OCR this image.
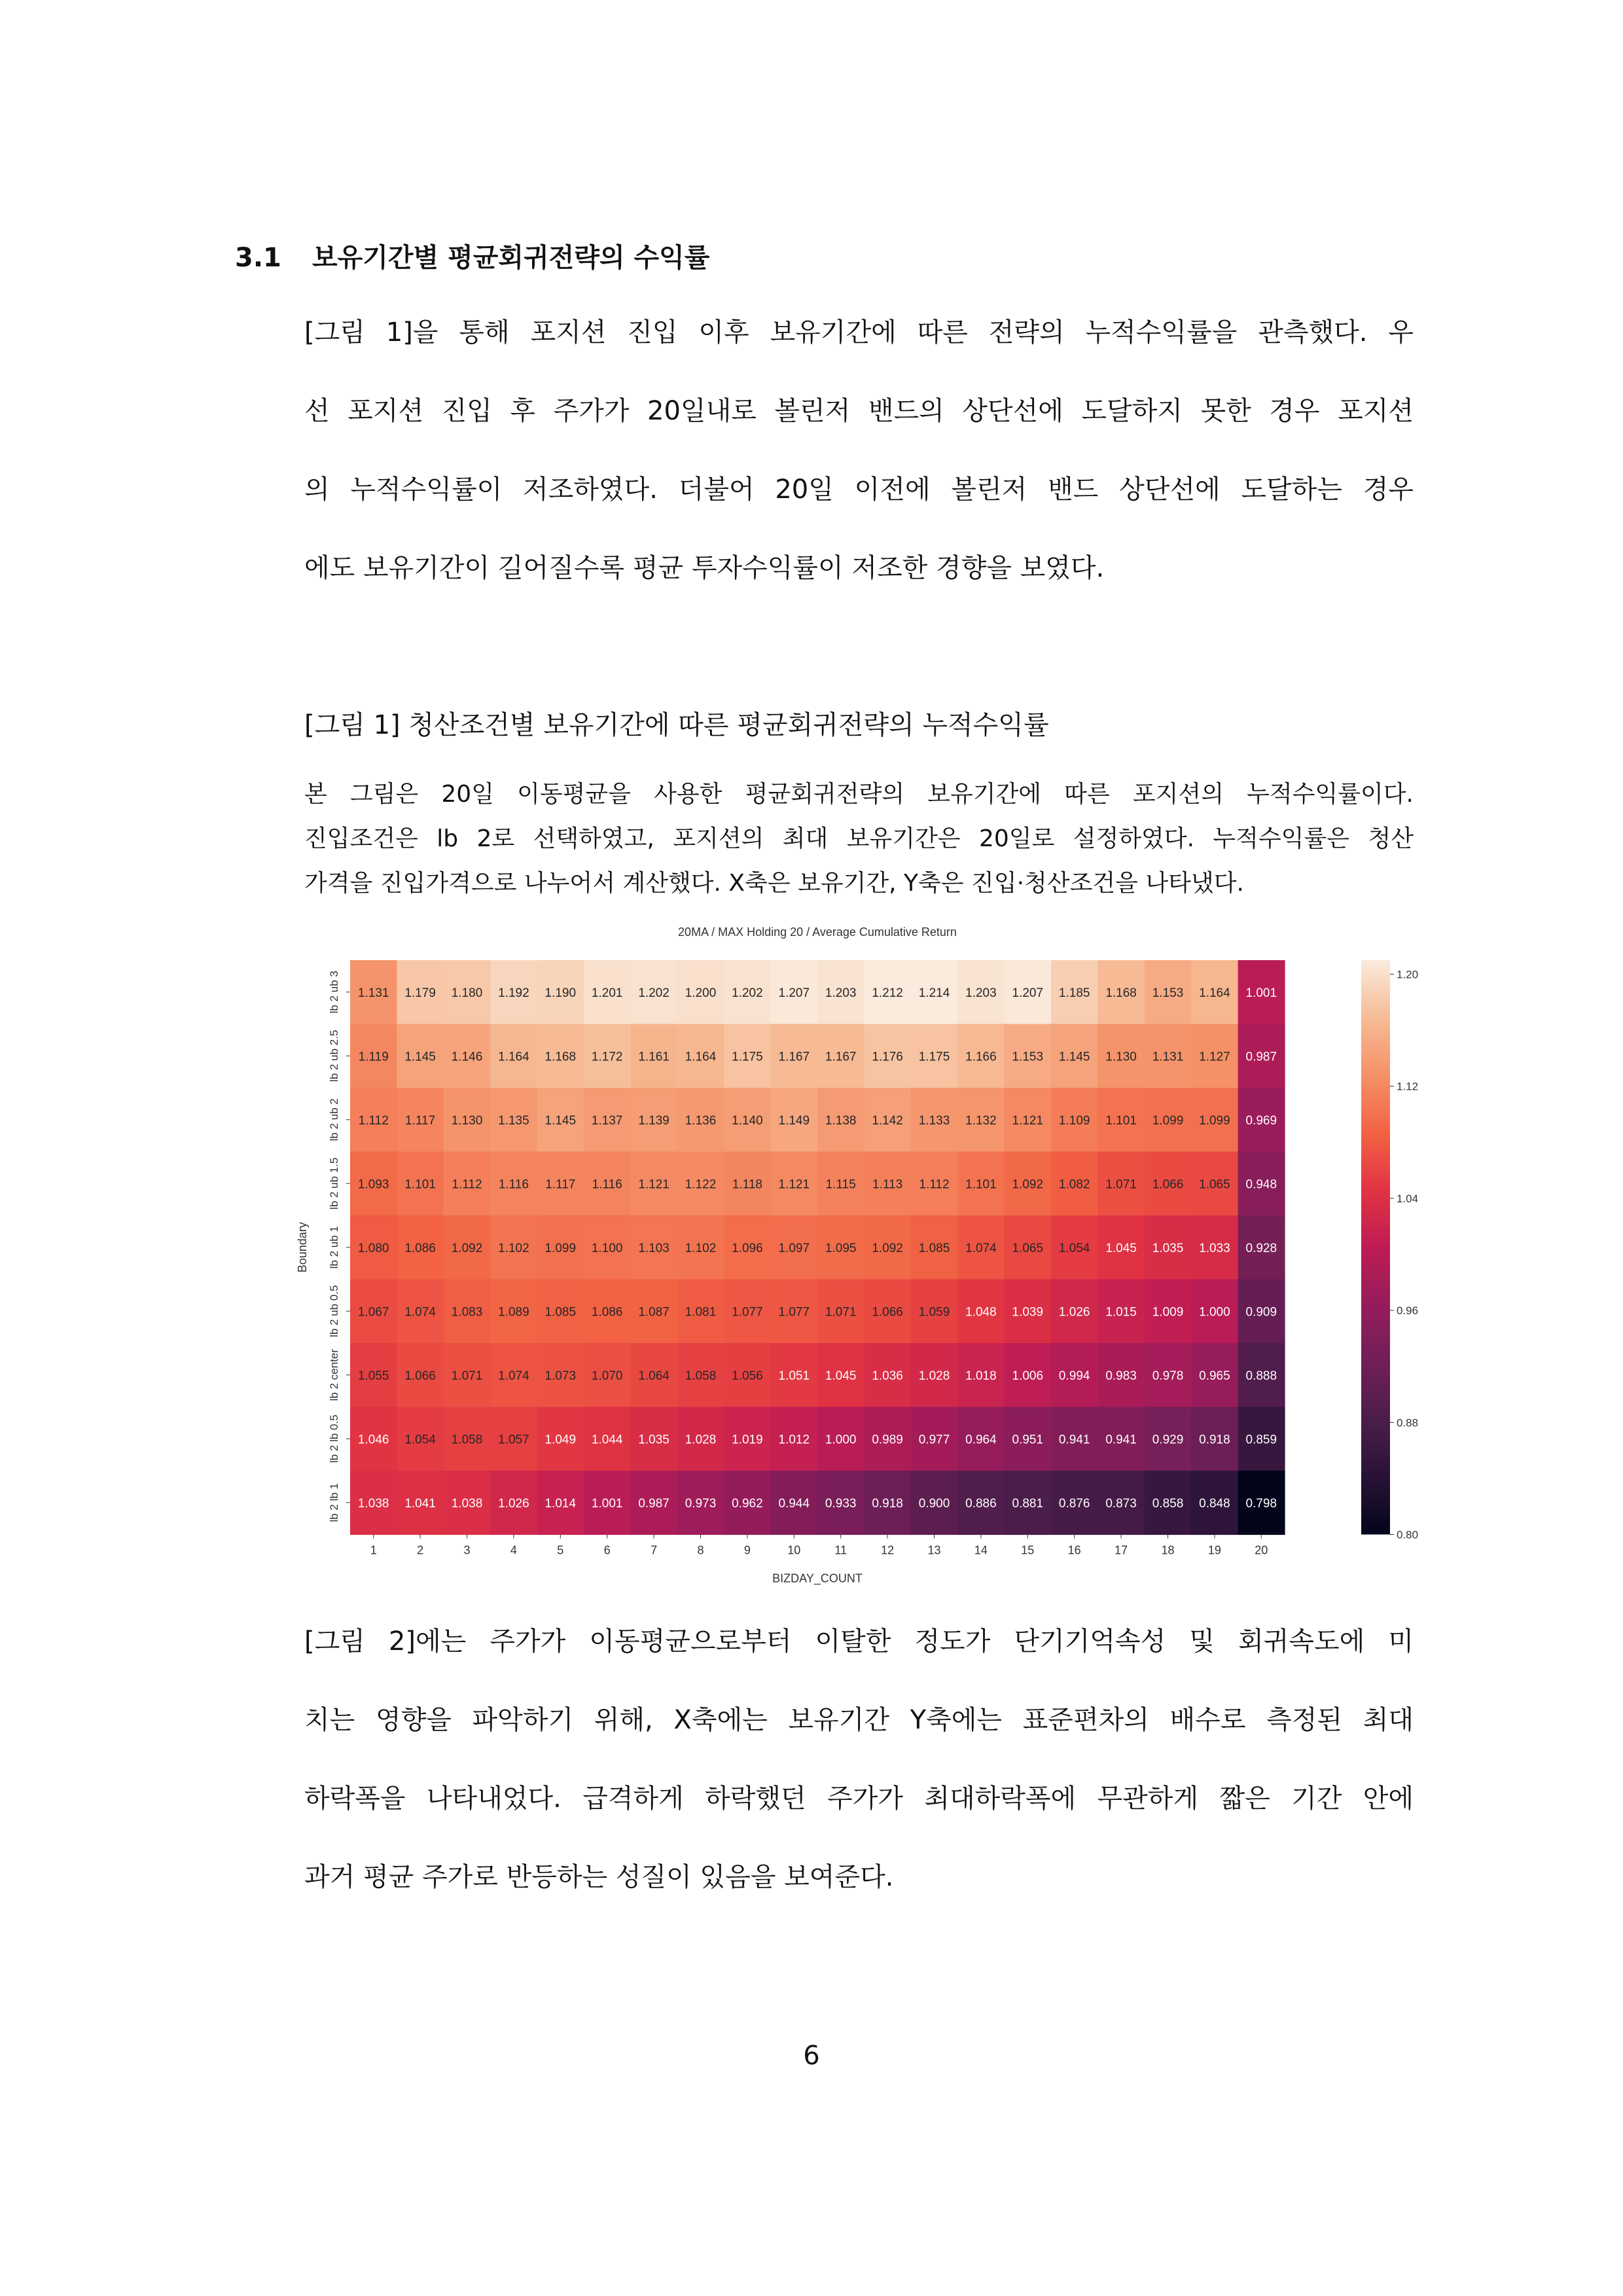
3.1 보유기간별 평균회귀전략의 수익률
[그림 1]을 통해 포지션 진입 이후 보유기간에 따른 전략의 누적수익률을 관측했다. 우
선 포지션 진입 후 주가가 20일내로 볼린저 밴드의 상단선에 도달하지 못한 경우 포지션
의 누적수익률이 저조하였다. 더불어 20일 이전에 볼린저 밴드 상단선에 도달하는 경우
에도 보유기간이 길어질수록 평균 투자수익률이 저조한 경향을 보였다.
[그림 1] 청산조건별 보유기간에 따른 평균회귀전략의 누적수익률
본 그림은 20일 이동평균을 사용한 평균회귀전략의 보유기간에 따른 포지션의 누적수익률이다.
진입조건은 lb 2로 선택하였고, 포지션의 최대 보유기간은 20일로 설정하였다. 누적수익률은 청산
가격을 진입가격으로 나누어서 계산했다. X축은 보유기간, Y축은 진입·청산조건을 나타냈다.
20MA / MAX Holding 20 / Average Cumulative Return
1.131 1.179 1.180 1.192 1.190 1.201 1.202 1.200 1.202 1.207 1.203 1.212 1.214 1.203 1.207 1.185 1.168 1.153 1.164 1.001
1.119 1.145 1.146 1.164 1.168 1.172 1.161 1.164 1.175 1.167 1.167 1.176 1.175 1.166 1.153 1.145 1.130 1.131 1.127 0.987
1.112 1.117 1.130 1.135 1.145 1.137 1.139 1.136 1.140 1.149 1.138 1.142 1.133 1.132 1.121 1.109 1.101 1.099 1.099 0.969
1.093 1.101 1.112 1.116 1.117 1.116 1.121 1.122 1.118 1.121 1.115 1.113 1.112 1.101 1.092 1.082 1.071 1.066 1.065 0.948
1.080 1.086 1.092 1.102 1.099 1.100 1.103 1.102 1.096 1.097 1.095 1.092 1.085 1.074 1.065 1.054 1.045 1.035 1.033 0.928
1.067 1.074 1.083 1.089 1.085 1.086 1.087 1.081 1.077 1.077 1.071 1.066 1.059 1.048 1.039 1.026 1.015 1.009 1.000 0.909
1.055 1.066 1.071 1.074 1.073 1.070 1.064 1.058 1.056 1.051 1.045 1.036 1.028 1.018 1.006 0.994 0.983 0.978 0.965 0.888
1.046 1.054 1.058 1.057 1.049 1.044 1.035 1.028 1.019 1.012 1.000 0.989 0.977 0.964 0.951 0.941 0.941 0.929 0.918 0.859
1.038 1.041 1.038 1.026 1.014 1.001 0.987 0.973 0.962 0.944 0.933 0.918 0.900 0.886 0.881 0.876 0.873 0.858 0.848 0.798
1	2	3	4	5	6	7	8	9	10	11	12	13	14	15	16	17	18	19	20
BIZDAY_COUNT
lb 2 ub 3
lb 2 ub 2.5
lb 2 ub 2
lb 2 ub 1.5
lb 2 ub 1
lb 2 ub 0.5
lb 2 center
lb 2 lb 0.5
lb 2 lb 1
Boundary
0.80
0.88
0.96
1.04
1.12
1.20
[그림 2]에는 주가가 이동평균으로부터 이탈한 정도가 단기기억속성 및 회귀속도에 미
치는 영향을 파악하기 위해, X축에는 보유기간 Y축에는 표준편차의 배수로 측정된 최대
하락폭을 나타내었다. 급격하게 하락했던 주가가 최대하락폭에 무관하게 짧은 기간 안에
과거 평균 주가로 반등하는 성질이 있음을 보여준다.
6
